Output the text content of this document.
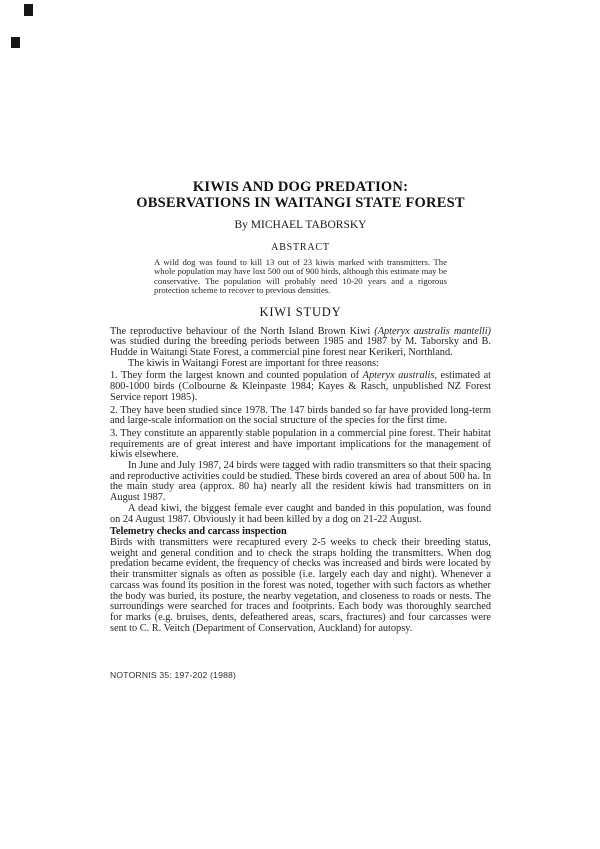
KIWIS AND DOG PREDATION:
OBSERVATIONS IN WAITANGI STATE FOREST
By MICHAEL TABORSKY
ABSTRACT
A wild dog was found to kill 13 out of 23 kiwis marked with transmitters. The whole population may have lost 500 out of 900 birds, although this estimate may be conservative. The population will probably need 10-20 years and a rigorous protection scheme to recover to previous densities.
KIWI STUDY

The reproductive behaviour of the North Island Brown Kiwi (Apteryx australis mantelli) was studied during the breeding periods between 1985 and 1987 by M. Taborsky and B. Hudde in Waitangi State Forest, a commercial pine forest near Kerikeri, Northland.

The kiwis in Waitangi Forest are important for three reasons:

1. They form the largest known and counted population of Apteryx australis, estimated at 800-1000 birds (Colbourne & Kleinpaste 1984; Kayes & Rasch, unpublished NZ Forest Service report 1985).

2. They have been studied since 1978. The 147 birds banded so far have provided long-term and large-scale information on the social structure of the species for the first time.

3. They constitute an apparently stable population in a commercial pine forest. Their habitat requirements are of great interest and have important implications for the management of kiwis elsewhere.

In June and July 1987, 24 birds were tagged with radio transmitters so that their spacing and reproductive activities could be studied. These birds covered an area of about 500 ha. In the main study area (approx. 80 ha) nearly all the resident kiwis had transmitters on in August 1987.

A dead kiwi, the biggest female ever caught and banded in this population, was found on 24 August 1987. Obviously it had been killed by a dog on 21-22 August.

Telemetry checks and carcass inspection

Birds with transmitters were recaptured every 2-5 weeks to check their breeding status, weight and general condition and to check the straps holding the transmitters. When dog predation became evident, the frequency of checks was increased and birds were located by their transmitter signals as often as possible (i.e. largely each day and night). Whenever a carcass was found its position in the forest was noted, together with such factors as whether the body was buried, its posture, the nearby vegetation, and closeness to roads or nests. The surroundings were searched for traces and footprints. Each body was thoroughly searched for marks (e.g. bruises, dents, defeathered areas, scars, fractures) and four carcasses were sent to C. R. Veitch (Department of Conservation, Auckland) for autopsy.

NOTORNIS 35: 197-202 (1988)
